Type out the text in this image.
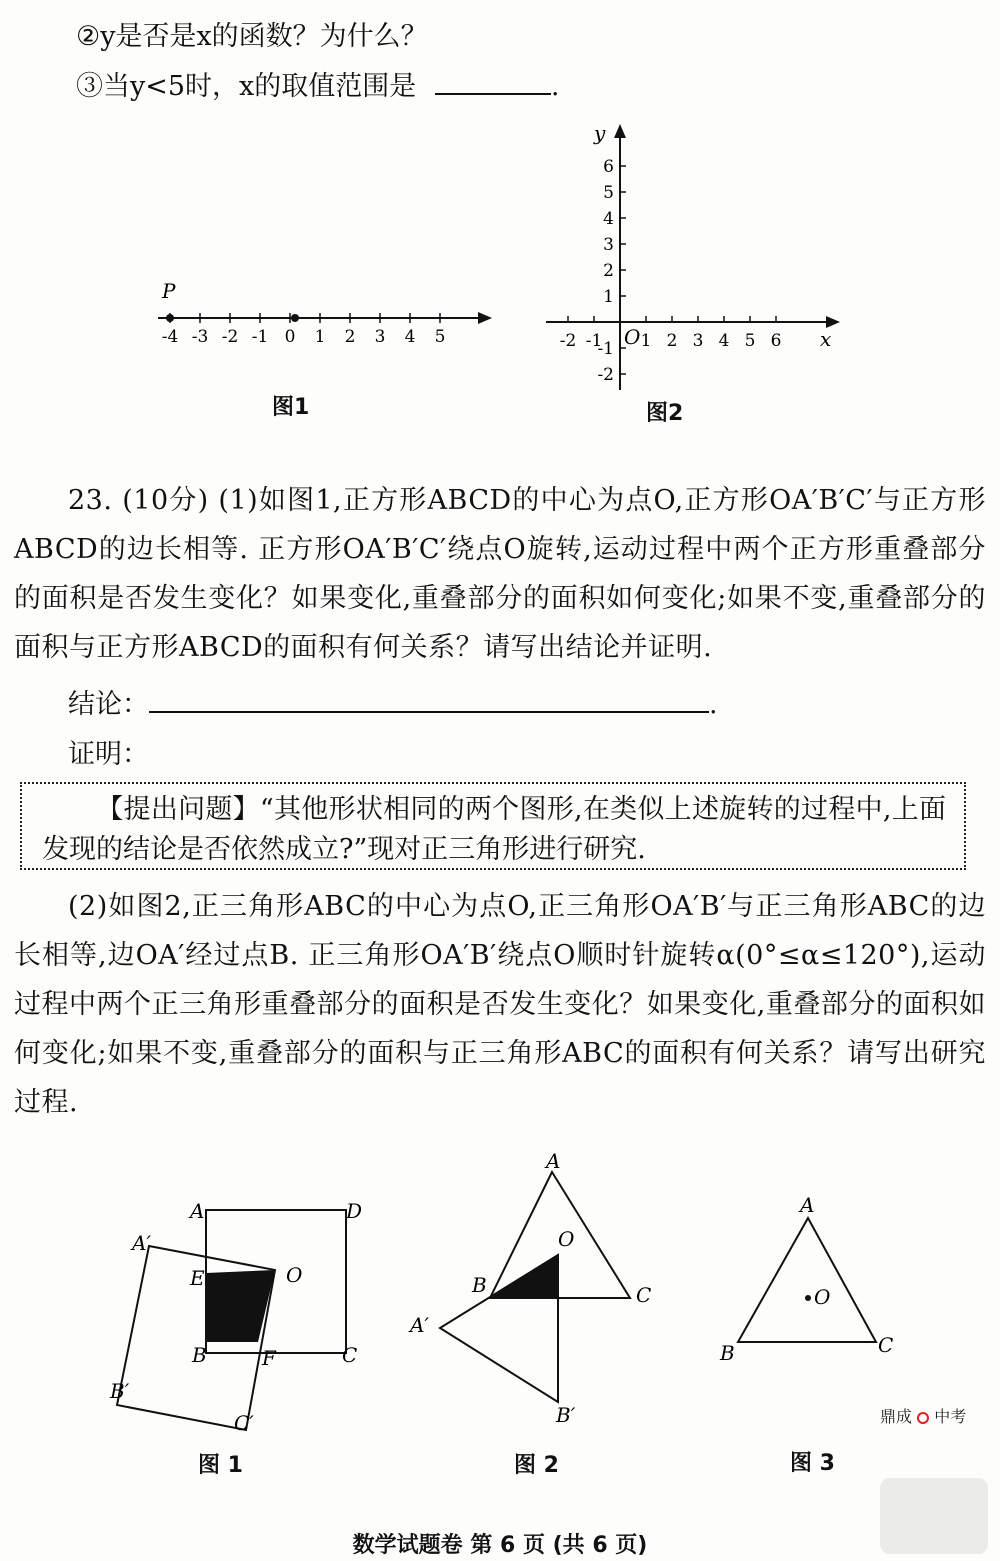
②y是否是x的函数？为什么？
③当y<5时，x的取值范围是	.
P
-4 -3 -2 -1 0 1 2 3 4 5
图1
y
x
O
-2 -1 1 2 3 4 5 6
6
5
4
3
2
1
-1
-2
图2
23. (10分) (1)如图1,正方形ABCD的中心为点O,正方形OA′B′C′与正方形ABCD的边长相等. 正方形OA′B′C′绕点O旋转,运动过程中两个正方形重叠部分的面积是否发生变化？如果变化,重叠部分的面积如何变化;如果不变,重叠部分的面积与正方形ABCD的面积有何关系？请写出结论并证明.
结论：	.
证明：
【提出问题】“其他形状相同的两个图形,在类似上述旋转的过程中,上面发现的结论是否依然成立?”现对正三角形进行研究.
(2)如图2,正三角形ABC的中心为点O,正三角形OA′B′与正三角形ABC的边长相等,边OA′经过点B. 正三角形OA′B′绕点O顺时针旋转α(0°≤α≤120°),运动过程中两个正三角形重叠部分的面积是否发生变化？如果变化,重叠部分的面积如何变化;如果不变,重叠部分的面积与正三角形ABC的面积有何关系？请写出研究过程.
A	D
A′
E	O
B	F	C
B′
C′
图 1
A
O
B	C
A′
B′
图 2
A
O
B	C
图 3
鼎成 中考
数学试题卷 第 6 页 (共 6 页)
